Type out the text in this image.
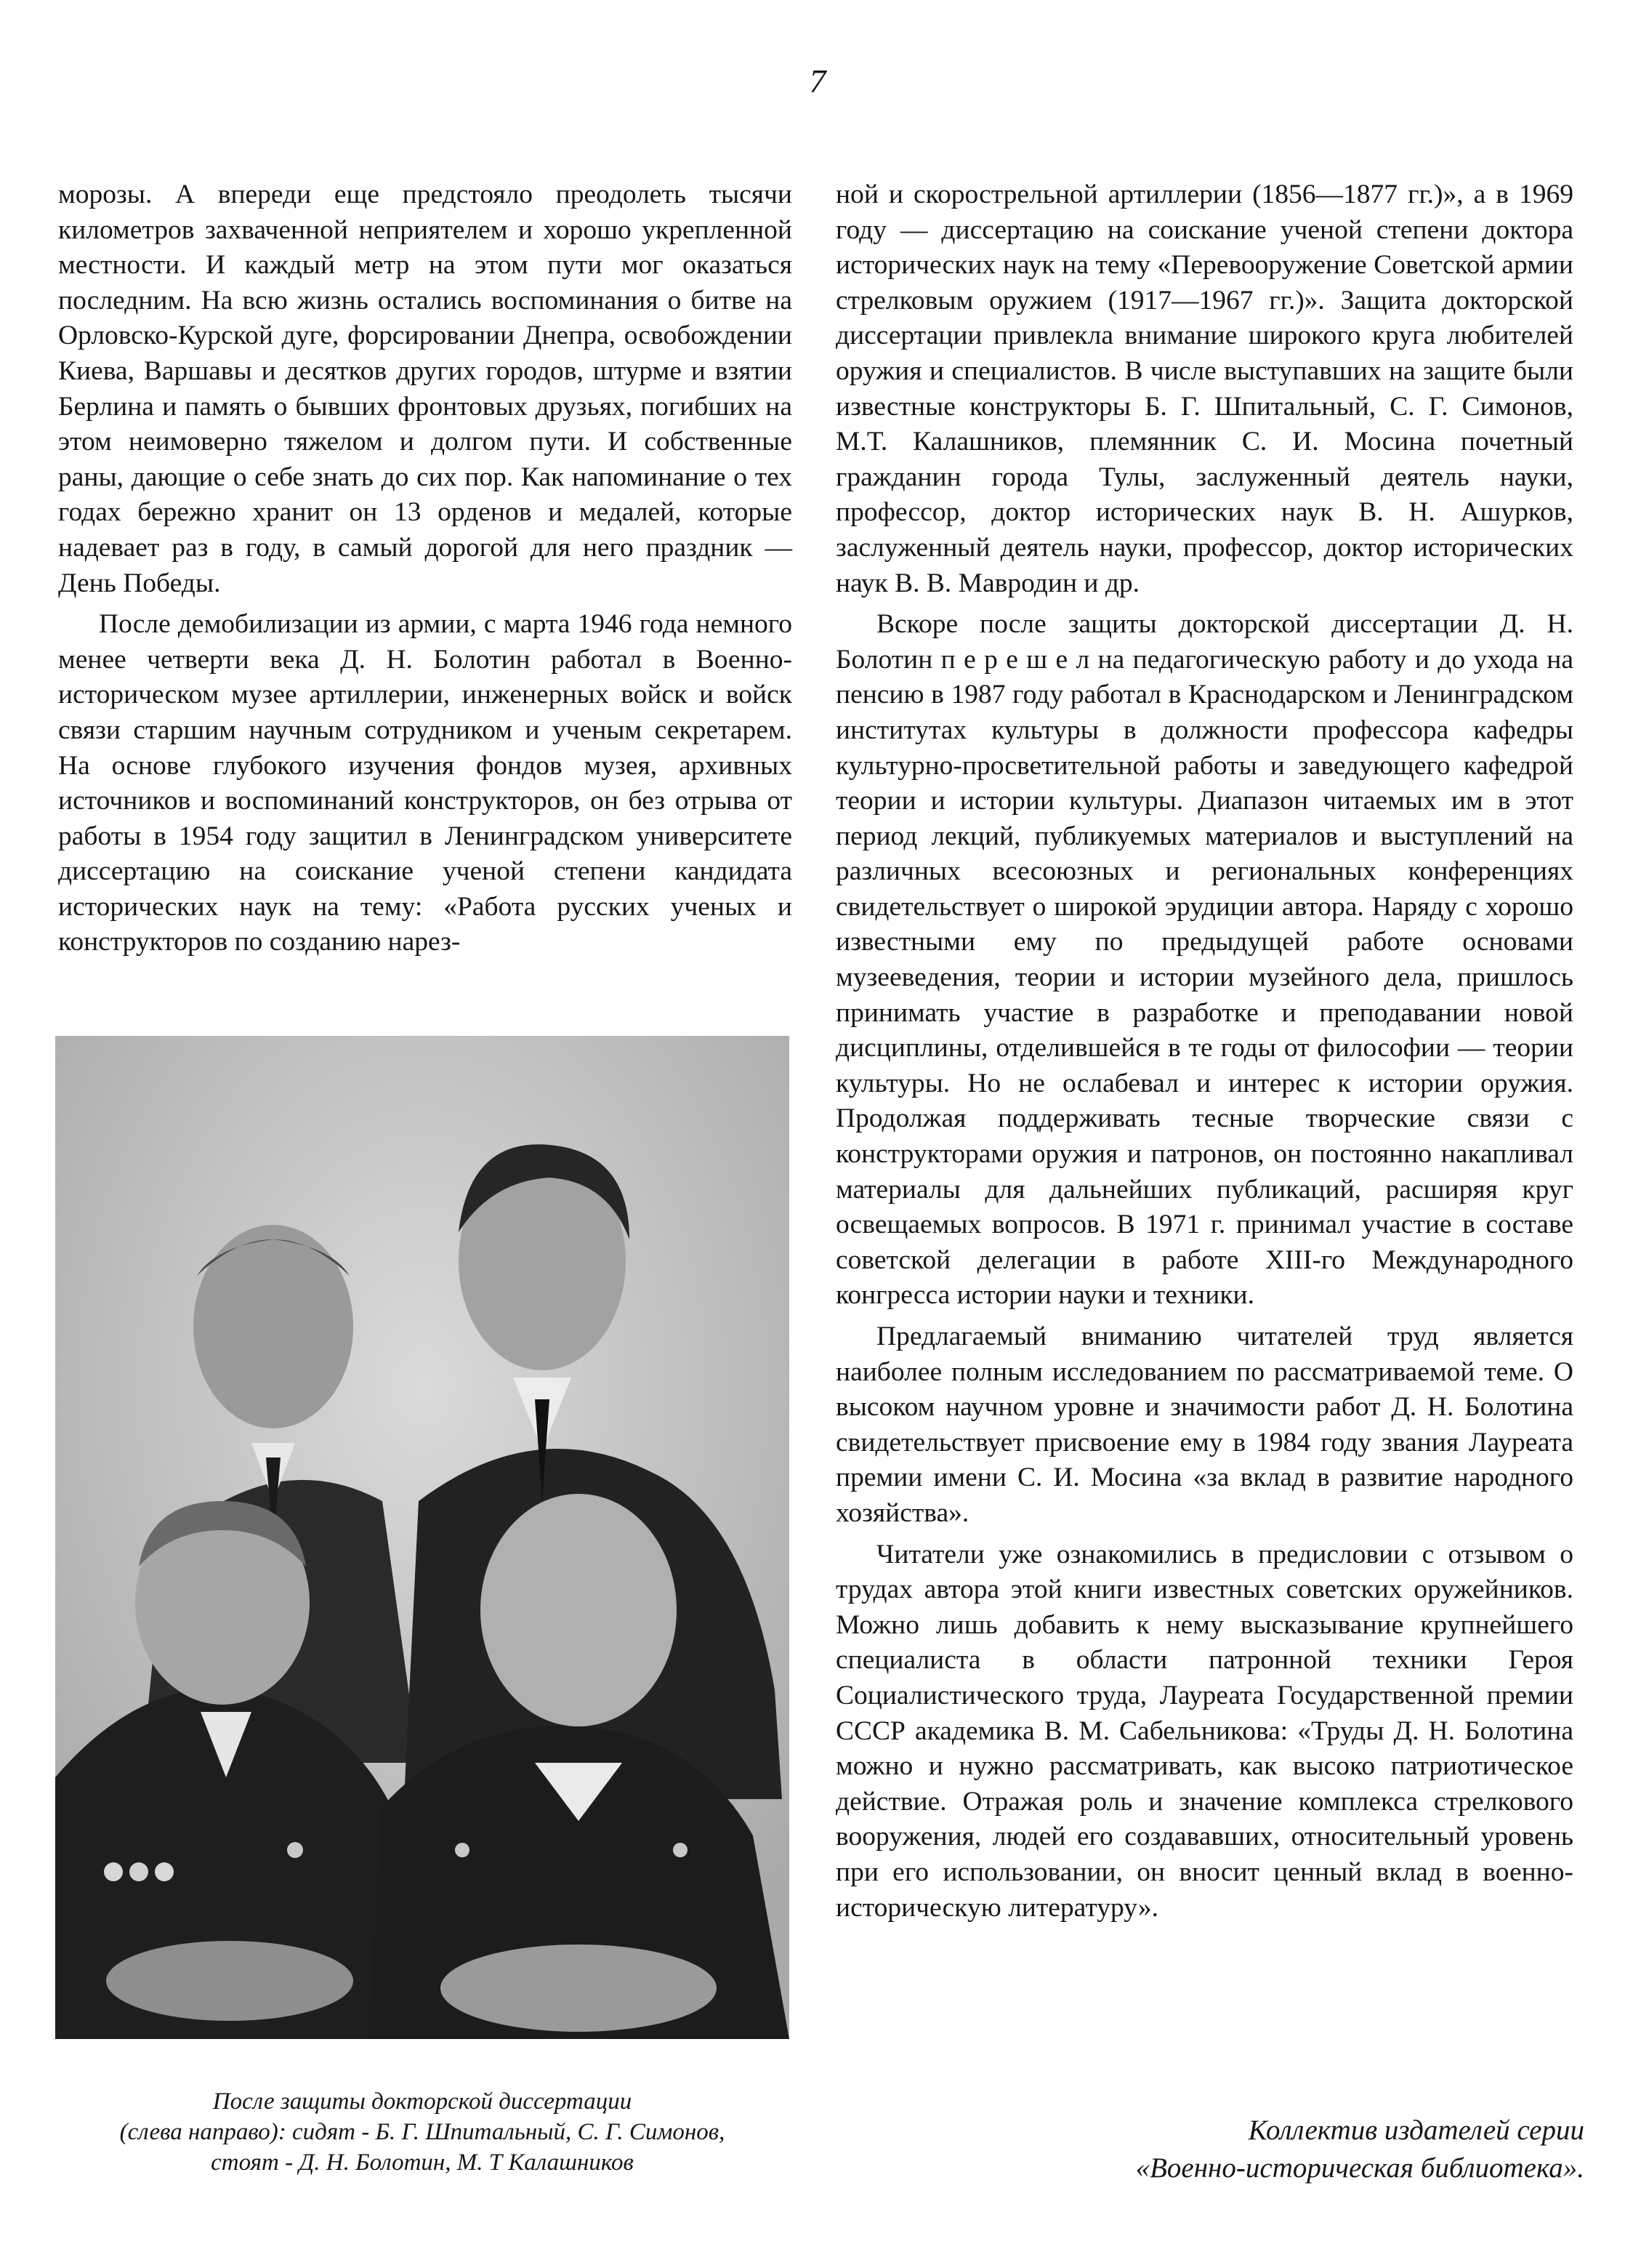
7

морозы. А впереди еще предстояло преодолеть тысячи километров захваченной неприятелем и хорошо укрепленной местности. И каждый метр на этом пути мог оказаться последним. На всю жизнь остались воспоминания о битве на Орловско-Курской дуге, форсировании Днепра, освобождении Киева, Варшавы и десятков других городов, штурме и взятии Берлина и память о бывших фронтовых друзьях, погибших на этом неимоверно тяжелом и долгом пути. И собственные раны, дающие о себе знать до сих пор. Как напоминание о тех годах бережно хранит он 13 орденов и медалей, которые надевает раз в году, в самый дорогой для него праздник — День Победы.

После демобилизации из армии, с марта 1946 года немного менее четверти века Д. Н. Болотин работал в Военно-историческом музее артиллерии, инженерных войск и войск связи старшим научным сотрудником и ученым секретарем. На основе глубокого изучения фондов музея, архивных источников и воспоминаний конструкторов, он без отрыва от работы в 1954 году защитил в Ленинградском университете диссертацию на соискание ученой степени кандидата исторических наук на тему: «Работа русских ученых и конструкторов по созданию нарез-

После защиты докторской диссертации
(слева направо): сидят - Б. Г. Шпитальный, С. Г. Симонов,
стоят - Д. Н. Болотин, М. Т Калашников

ной и скорострельной артиллерии (1856—1877 гг.)», а в 1969 году — диссертацию на соискание ученой степени доктора исторических наук на тему «Перевооружение Советской армии стрелковым оружием (1917—1967 гг.)». Защита докторской диссертации привлекла внимание широкого круга любителей оружия и специалистов. В числе выступавших на защите были известные конструкторы Б. Г. Шпитальный, С. Г. Симонов, М.Т. Калашников, племянник С. И. Мосина почетный гражданин города Тулы, заслуженный деятель науки, профессор, доктор исторических наук В. Н. Ашурков, заслуженный деятель науки, профессор, доктор исторических наук В. В. Мавродин и др.

Вскоре после защиты докторской диссертации Д. Н. Болотин п е р е ш е л на педагогическую работу и до ухода на пенсию в 1987 году работал в Краснодарском и Ленинградском институтах культуры в должности профессора кафедры культурно-просветительной работы и заведующего кафедрой теории и истории культуры. Диапазон читаемых им в этот период лекций, публикуемых материалов и выступлений на различных всесоюзных и региональных конференциях свидетельствует о широкой эрудиции автора. Наряду с хорошо известными ему по предыдущей работе основами музееведения, теории и истории музейного дела, пришлось принимать участие в разработке и преподавании новой дисциплины, отделившейся в те годы от философии — теории культуры. Но не ослабевал и интерес к истории оружия. Продолжая поддерживать тесные творческие связи с конструкторами оружия и патронов, он постоянно накапливал материалы для дальнейших публикаций, расширяя круг освещаемых вопросов. В 1971 г. принимал участие в составе советской делегации в работе XIII-го Международного конгресса истории науки и техники.

Предлагаемый вниманию читателей труд является наиболее полным исследованием по рассматриваемой теме. О высоком научном уровне и значимости работ Д. Н. Болотина свидетельствует присвоение ему в 1984 году звания Лауреата премии имени С. И. Мосина «за вклад в развитие народного хозяйства».

Читатели уже ознакомились в предисловии с отзывом о трудах автора этой книги известных советских оружейников. Можно лишь добавить к нему высказывание крупнейшего специалиста в области патронной техники Героя Социалистического труда, Лауреата Государственной премии СССР академика В. М. Сабельникова: «Труды Д. Н. Болотина можно и нужно рассматривать, как высоко патриотическое действие. Отражая роль и значение комплекса стрелкового вооружения, людей его создававших, относительный уровень при его использовании, он вносит ценный вклад в военно-историческую литературу».

Коллектив издателей серии
«Военно-историческая библиотека».
